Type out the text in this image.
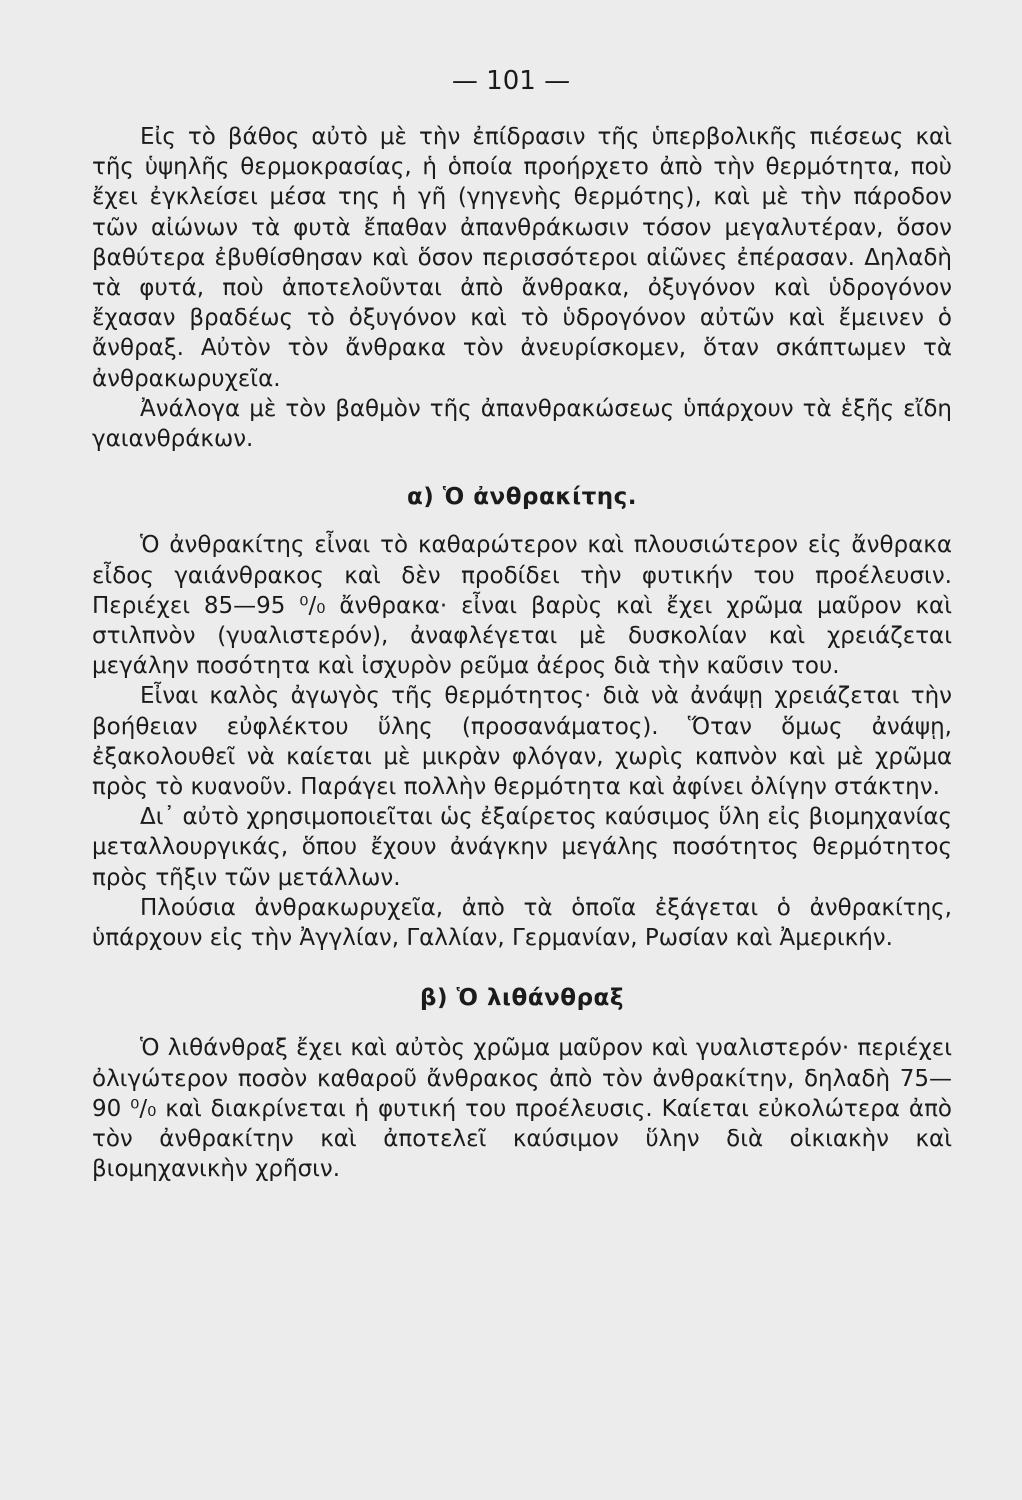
— 101 —

Εἰς τὸ βάθος αὐτὸ μὲ τὴν ἐπίδρασιν τῆς ὑπερβολικῆς πιέσεως καὶ τῆς ὑψηλῆς θερμοκρασίας, ἡ ὁποία προήρχετο ἀπὸ τὴν θερμότητα, ποὺ ἔχει ἐγκλείσει μέσα της ἡ γῆ (γηγενὴς θερμότης), καὶ μὲ τὴν πάροδον τῶν αἰώνων τὰ φυτὰ ἔπαθαν ἀπανθράκωσιν τόσον μεγαλυτέραν, ὅσον βαθύτερα ἐβυθίσθησαν καὶ ὅσον περισσότεροι αἰῶνες ἐπέρασαν. Δηλαδὴ τὰ φυτά, ποὺ ἀποτελοῦνται ἀπὸ ἄνθρακα, ὀξυγόνον καὶ ὑδρογόνον ἔχασαν βραδέως τὸ ὀξυγόνον καὶ τὸ ὑδρογόνον αὐτῶν καὶ ἔμεινεν ὁ ἄνθραξ. Αὐτὸν τὸν ἄνθρακα τὸν ἀνευρίσκομεν, ὅταν σκάπτωμεν τὰ ἀνθρακωρυχεῖα.

Ἀνάλογα μὲ τὸν βαθμὸν τῆς ἀπανθρακώσεως ὑπάρχουν τὰ ἑξῆς εἴδη γαιανθράκων.

α) Ὁ ἀνθρακίτης.

Ὁ ἀνθρακίτης εἶναι τὸ καθαρώτερον καὶ πλουσιώτερον εἰς ἄνθρακα εἶδος γαιάνθρακος καὶ δὲν προδίδει τὴν φυτικήν του προέλευσιν. Περιέχει 85—95 ⁰/₀ ἄνθρακα· εἶναι βαρὺς καὶ ἔχει χρῶμα μαῦρον καὶ στιλπνὸν (γυαλιστερόν), ἀναφλέγεται μὲ δυσκολίαν καὶ χρειάζεται μεγάλην ποσότητα καὶ ἰσχυρὸν ρεῦμα ἀέρος διὰ τὴν καῦσιν του.

Εἶναι καλὸς ἀγωγὸς τῆς θερμότητος· διὰ νὰ ἀνάψῃ χρειάζεται τὴν βοήθειαν εὐφλέκτου ὕλης (προσανάματος). Ὅταν ὅμως ἀνάψῃ, ἐξακολουθεῖ νὰ καίεται μὲ μικρὰν φλόγαν, χωρὶς καπνὸν καὶ μὲ χρῶμα πρὸς τὸ κυανοῦν. Παράγει πολλὴν θερμότητα καὶ ἀφίνει ὀλίγην στάκτην.

Δι᾿ αὐτὸ χρησιμοποιεῖται ὡς ἐξαίρετος καύσιμος ὕλη εἰς βιομηχανίας μεταλλουργικάς, ὅπου ἔχουν ἀνάγκην μεγάλης ποσότητος θερμότητος πρὸς τῆξιν τῶν μετάλλων.

Πλούσια ἀνθρακωρυχεῖα, ἀπὸ τὰ ὁποῖα ἐξάγεται ὁ ἀνθρακίτης, ὑπάρχουν εἰς τὴν Ἀγγλίαν, Γαλλίαν, Γερμανίαν, Ρωσίαν καὶ Ἀμερικήν.

β) Ὁ λιθάνθραξ

Ὁ λιθάνθραξ ἔχει καὶ αὐτὸς χρῶμα μαῦρον καὶ γυαλιστερόν· περιέχει ὀλιγώτερον ποσὸν καθαροῦ ἄνθρακος ἀπὸ τὸν ἀνθρακίτην, δηλαδὴ 75—90 ⁰/₀ καὶ διακρίνεται ἡ φυτική του προέλευσις. Καίεται εὐκολώτερα ἀπὸ τὸν ἀνθρακίτην καὶ ἀποτελεῖ καύσιμον ὕλην διὰ οἰκιακὴν καὶ βιομηχανικὴν χρῆσιν.
